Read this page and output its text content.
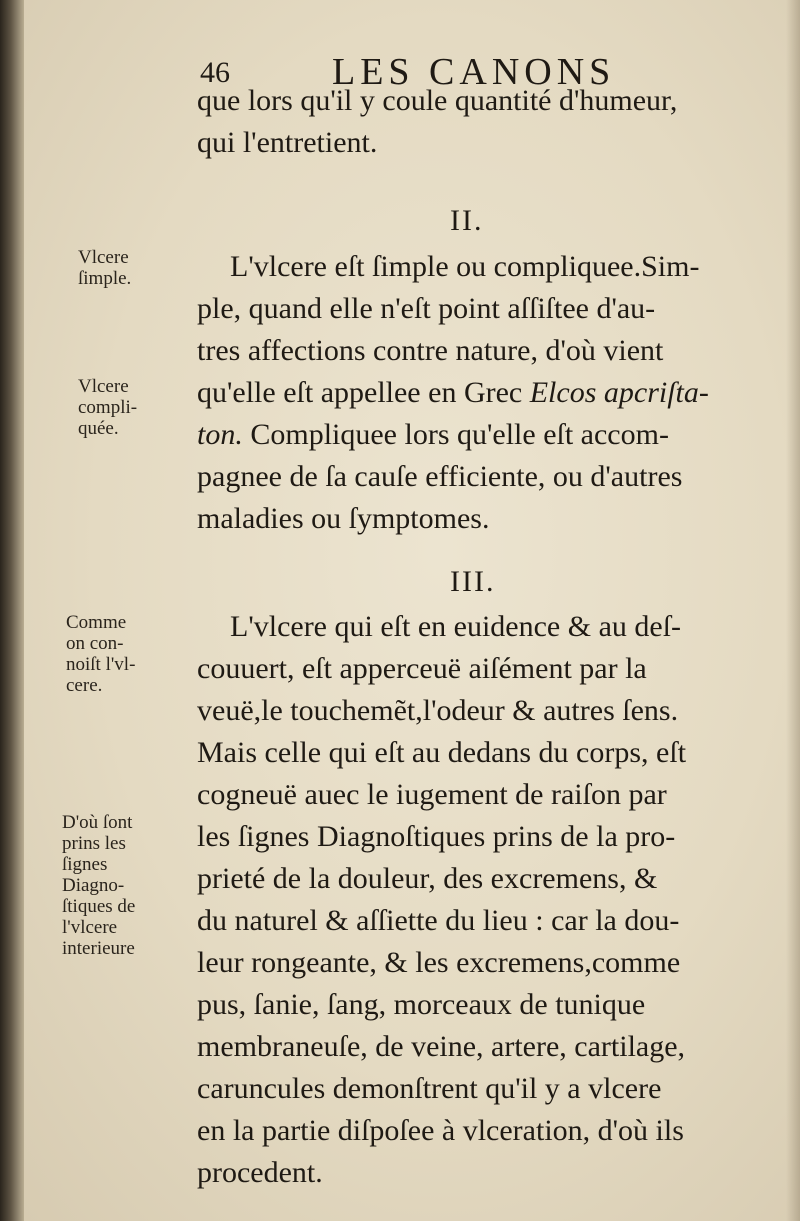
46	LES CANONS
que lors qu'il y coule quantité d'humeur,
qui l'entretient.
II.
L'vlcere eſt ſimple ou compliquee.Sim-
ple, quand elle n'eſt point aſſiſtee d'au-
tres affections contre nature, d'où vient
qu'elle eſt appellee en Grec Elcos apcriſta-
ton. Compliquee lors qu'elle eſt accom-
pagnee de ſa cauſe efficiente, ou d'autres
maladies ou ſymptomes.
III.
L'vlcere qui eſt en euidence & au deſ-
couuert, eſt apperceuë aiſément par la
veuë,le touchemẽt,l'odeur & autres ſens.
Mais celle qui eſt au dedans du corps, eſt
cogneuë auec le iugement de raiſon par
les ſignes Diagnoſtiques prins de la pro-
prieté de la douleur, des excremens, &
du naturel & aſſiette du lieu : car la dou-
leur rongeante, & les excremens,comme
pus, ſanie, ſang, morceaux de tunique
membraneuſe, de veine, artere, cartilage,
caruncules demonſtrent qu'il y a vlcere
en la partie diſpoſee à vlceration, d'où ils
procedent.
Vlcere
ſimple.
Vlcere
compli-
quée.
Comme
on con-
noiſt l'vl-
cere.
D'où ſont
prins les
ſignes
Diagno-
ſtiques de
l'vlcere
interieure
